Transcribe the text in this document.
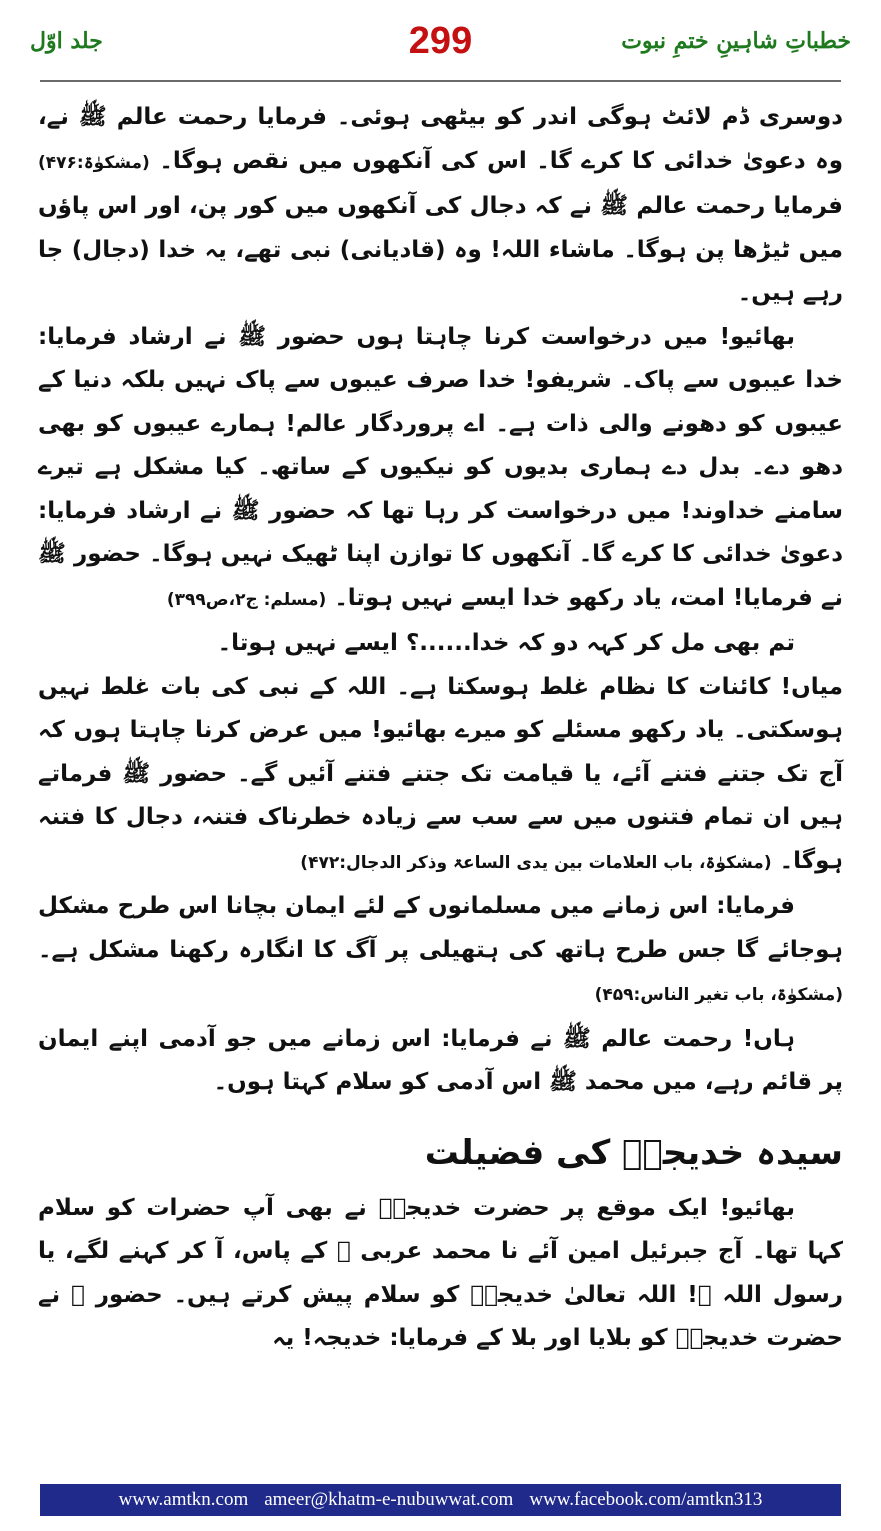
خطباتِ شاہینِ ختمِ نبوت
299
جلد اوّل

دوسری ڈم لائٹ ہوگی اندر کو بیٹھی ہوئی۔ فرمایا رحمت عالم ﷺ نے، وہ دعویٰ خدائی کا کرے گا۔ اس کی آنکھوں میں نقص ہوگا۔ (مشکوٰۃ:۴۷۶) فرمایا رحمت عالم ﷺ نے کہ دجال کی آنکھوں میں کور پن، اور اس پاؤں میں ٹیڑھا پن ہوگا۔ ماشاء اللہ! وہ (قادیانی) نبی تھے، یہ خدا (دجال) جا رہے ہیں۔

بھائیو! میں درخواست کرنا چاہتا ہوں حضور ﷺ نے ارشاد فرمایا: خدا عیبوں سے پاک۔ شریفو! خدا صرف عیبوں سے پاک نہیں بلکہ دنیا کے عیبوں کو دھونے والی ذات ہے۔ اے پروردگار عالم! ہمارے عیبوں کو بھی دھو دے۔ بدل دے ہماری بدیوں کو نیکیوں کے ساتھ۔ کیا مشکل ہے تیرے سامنے خداوند! میں درخواست کر رہا تھا کہ حضور ﷺ نے ارشاد فرمایا: دعویٰ خدائی کا کرے گا۔ آنکھوں کا توازن اپنا ٹھیک نہیں ہوگا۔ حضور ﷺ نے فرمایا! امت، یاد رکھو خدا ایسے نہیں ہوتا۔ (مسلم: ج۲،ص۳۹۹)

تم بھی مل کر کہہ دو کہ خدا......؟ ایسے نہیں ہوتا۔

میاں! کائنات کا نظام غلط ہوسکتا ہے۔ اللہ کے نبی کی بات غلط نہیں ہوسکتی۔ یاد رکھو مسئلے کو میرے بھائیو! میں عرض کرنا چاہتا ہوں کہ آج تک جتنے فتنے آئے، یا قیامت تک جتنے فتنے آئیں گے۔ حضور ﷺ فرماتے ہیں ان تمام فتنوں میں سے سب سے زیادہ خطرناک فتنہ، دجال کا فتنہ ہوگا۔ (مشکوٰۃ، باب العلامات بین یدی الساعۃ وذکر الدجال:۴۷۲)

فرمایا: اس زمانے میں مسلمانوں کے لئے ایمان بچانا اس طرح مشکل ہوجائے گا جس طرح ہاتھ کی ہتھیلی پر آگ کا انگارہ رکھنا مشکل ہے۔ (مشکوٰۃ، باب تغیر الناس:۴۵۹)

ہاں! رحمت عالم ﷺ نے فرمایا: اس زمانے میں جو آدمی اپنے ایمان پر قائم رہے، میں محمد ﷺ اس آدمی کو سلام کہتا ہوں۔

سیدہ خدیجہؓ کی فضیلت

بھائیو! ایک موقع پر حضرت خدیجہؓ نے بھی آپ حضرات کو سلام کہا تھا۔ آج جبرئیل امین آئے نا محمد عربی ﷺ کے پاس، آ کر کہنے لگے، یا رسول اللہ ﷺ! اللہ تعالیٰ خدیجہؓ کو سلام پیش کرتے ہیں۔ حضور ﷺ نے حضرت خدیجہؓ کو بلایا اور بلا کے فرمایا: خدیجہ! یہ

www.amtkn.com ameer@khatm-e-nubuwwat.com www.facebook.com/amtkn313
